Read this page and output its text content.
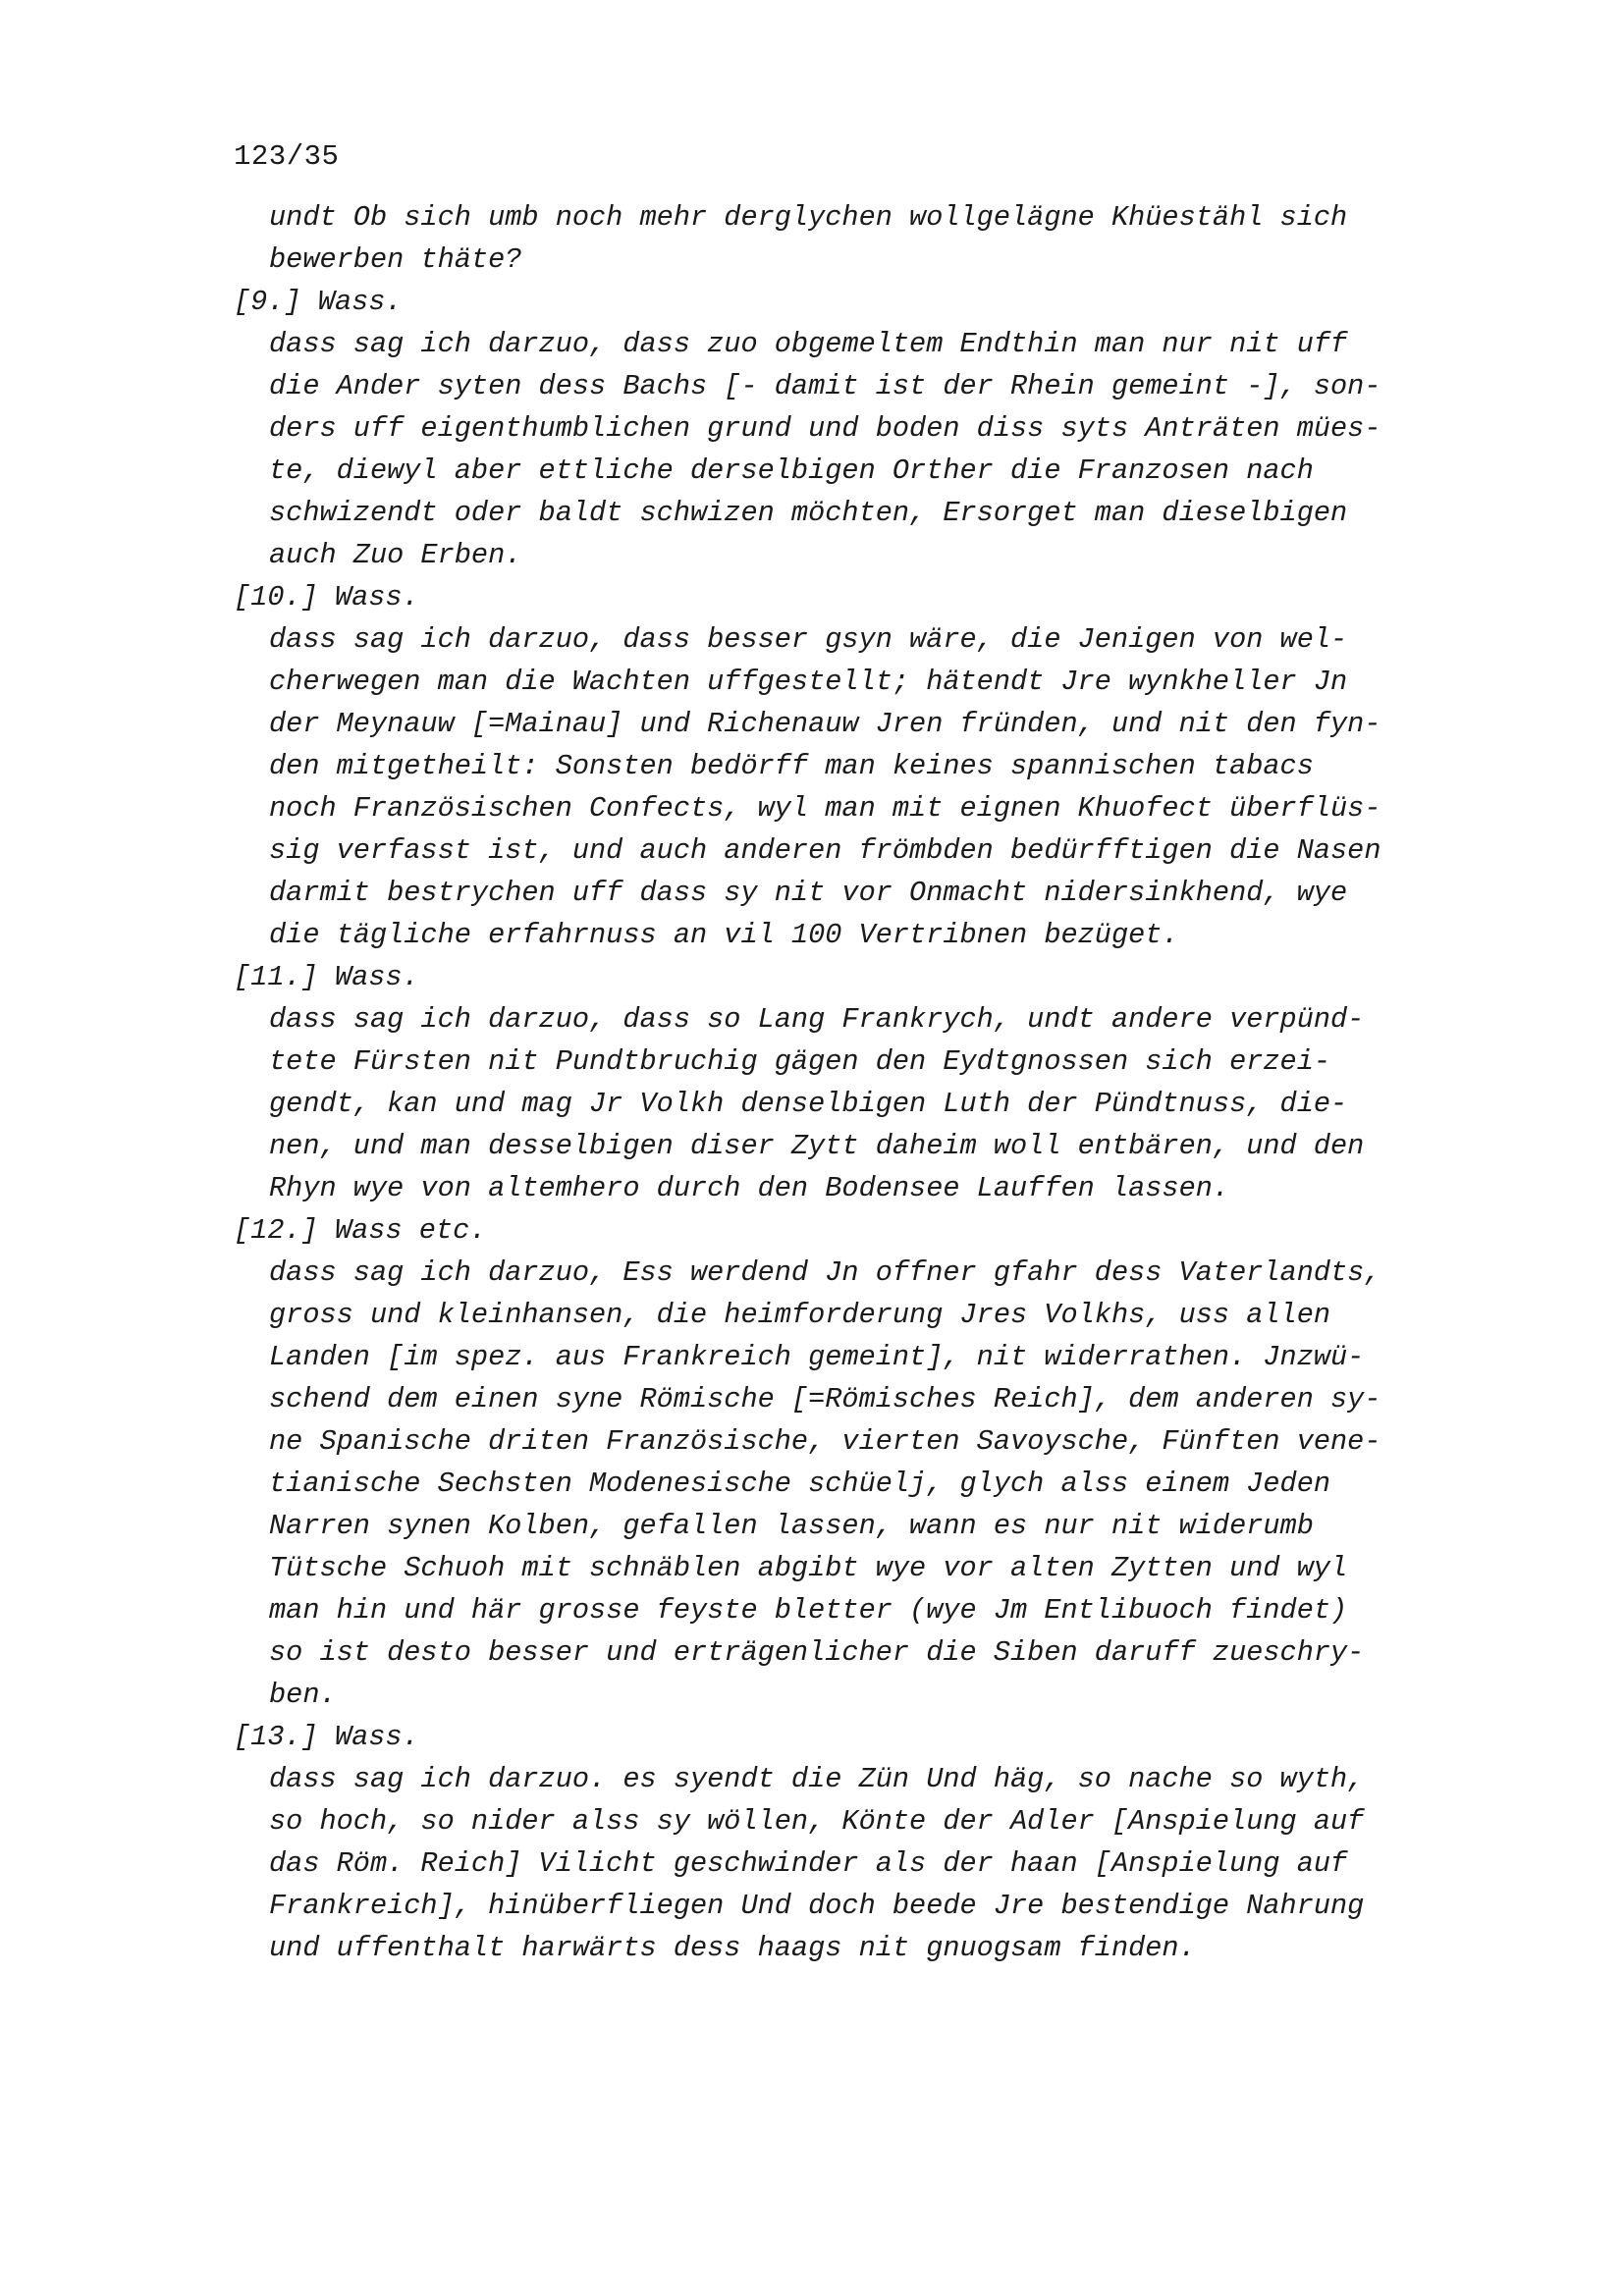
123/35
undt Ob sich umb noch mehr derglychen wollgelägne Khüestähl sich
bewerben thäte?
[9.] Wass.
dass sag ich darzuo, dass zuo obgemeltem Endthin man nur nit uff
die Ander syten dess Bachs [- damit ist der Rhein gemeint -], son-
ders uff eigenthumblichen grund und boden diss syts Anträten mües-
te, diewyl aber ettliche derselbigen Orther die Franzosen nach
schwizendt oder baldt schwizen möchten, Ersorget man dieselbigen
auch Zuo Erben.
[10.] Wass.
dass sag ich darzuo, dass besser gsyn wäre, die Jenigen von wel-
cherwegen man die Wachten uffgestellt; hätendt Jre wynkheller Jn
der Meynauw [=Mainau] und Richenauw Jren fründen, und nit den fyn-
den mitgetheilt: Sonsten bedörff man keines spannischen tabacs
noch Französischen Confects, wyl man mit eignen Khuofect überflüs-
sig verfasst ist, und auch anderen frömbden bedürfftigen die Nasen
darmit bestrychen uff dass sy nit vor Onmacht nidersinkhend, wye
die tägliche erfahrnuss an vil 100 Vertribnen bezüget.
[11.] Wass.
dass sag ich darzuo, dass so Lang Frankrych, undt andere verpünd-
tete Fürsten nit Pundtbruchig gägen den Eydtgnossen sich erzei-
gendt, kan und mag Jr Volkh denselbigen Luth der Pündtnuss, die-
nen, und man desselbigen diser Zytt daheim woll entbären, und den
Rhyn wye von altemhero durch den Bodensee Lauffen lassen.
[12.] Wass etc.
dass sag ich darzuo, Ess werdend Jn offner gfahr dess Vaterlandts,
gross und kleinhansen, die heimforderung Jres Volkhs, uss allen
Landen [im spez. aus Frankreich gemeint], nit widerrathen. Jnzwü-
schend dem einen syne Römische [=Römisches Reich], dem anderen sy-
ne Spanische driten Französische, vierten Savoysche, Fünften vene-
tianische Sechsten Modenesische schüelj, glych alss einem Jeden
Narren synen Kolben, gefallen lassen, wann es nur nit widerumb
Tütsche Schuoh mit schnäblen abgibt wye vor alten Zytten und wyl
man hin und här grosse feyste bletter (wye Jm Entlibuoch findet)
so ist desto besser und erträgenlicher die Siben daruff zueschry-
ben.
[13.] Wass.
dass sag ich darzuo. es syendt die Zün Und häg, so nache so wyth,
so hoch, so nider alss sy wöllen, Könte der Adler [Anspielung auf
das Röm. Reich] Vilicht geschwinder als der haan [Anspielung auf
Frankreich], hinüberfliegen Und doch beede Jre bestendige Nahrung
und uffenthalt harwärts dess haags nit gnuogsam finden.
